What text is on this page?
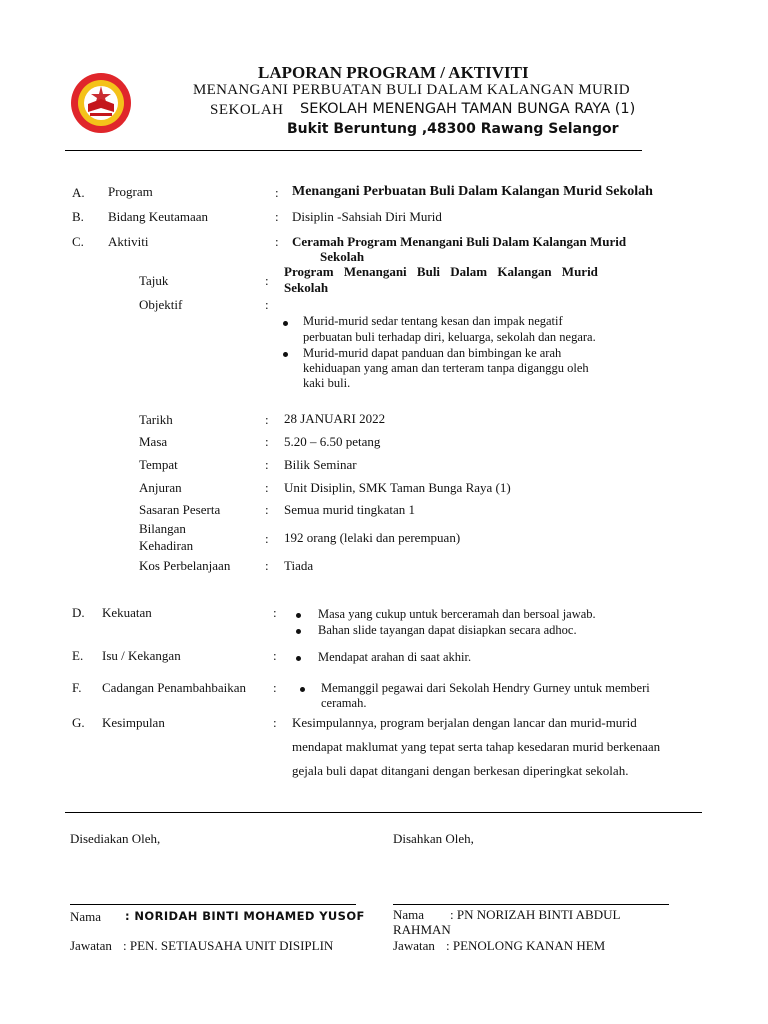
LAPORAN PROGRAM / AKTIVITI
MENANGANI PERBUATAN BULI DALAM KALANGAN MURID
SEKOLAH SEKOLAH MENENGAH TAMAN BUNGA RAYA (1)
Bukit Beruntung ,48300 Rawang Selangor
A. Program	: Menangani Perbuatan Buli Dalam Kalangan Murid Sekolah
B. Bidang Keutamaan	: Disiplin -Sahsiah Diri Murid
C. Aktiviti	: Ceramah Program Menangani Buli Dalam Kalangan Murid
Sekolah
Tajuk	:
Program Menangani Buli Dalam Kalangan Murid
Sekolah
Objektif	:
Murid-murid sedar tentang kesan dan impak negatif
perbuatan buli terhadap diri, keluarga, sekolah dan negara.
Murid-murid dapat panduan dan bimbingan ke arah
kehiduapan yang aman dan terteram tanpa diganggu oleh
kaki buli.
Tarikh	: 28 JANUARI 2022
Masa	: 5.20 – 6.50 petang
Tempat	: Bilik Seminar
Anjuran	: Unit Disiplin, SMK Taman Bunga Raya (1)
Sasaran Peserta	: Semua murid tingkatan 1
Bilangan
Kehadiran	: 192 orang (lelaki dan perempuan)
Kos Perbelanjaan	: Tiada
D. Kekuatan	:	Masa yang cukup untuk berceramah dan bersoal jawab.
Bahan slide tayangan dapat disiapkan secara adhoc.
E. Isu / Kekangan	:	Mendapat arahan di saat akhir.
F. Cadangan Penambahbaikan :	Memanggil pegawai dari Sekolah Hendry Gurney untuk memberi
ceramah.
G. Kesimpulan	: Kesimpulannya, program berjalan dengan lancar dan murid-murid
mendapat maklumat yang tepat serta tahap kesedaran murid berkenaan
gejala buli dapat ditangani dengan berkesan diperingkat sekolah.
Disediakan Oleh,	Disahkan Oleh,
Nama : NORIDAH BINTI MOHAMED YUSOF
Jawatan : PEN. SETIAUSAHA UNIT DISIPLIN
Nama : PN NORIZAH BINTI ABDUL
RAHMAN
Jawatan : PENOLONG KANAN HEM
